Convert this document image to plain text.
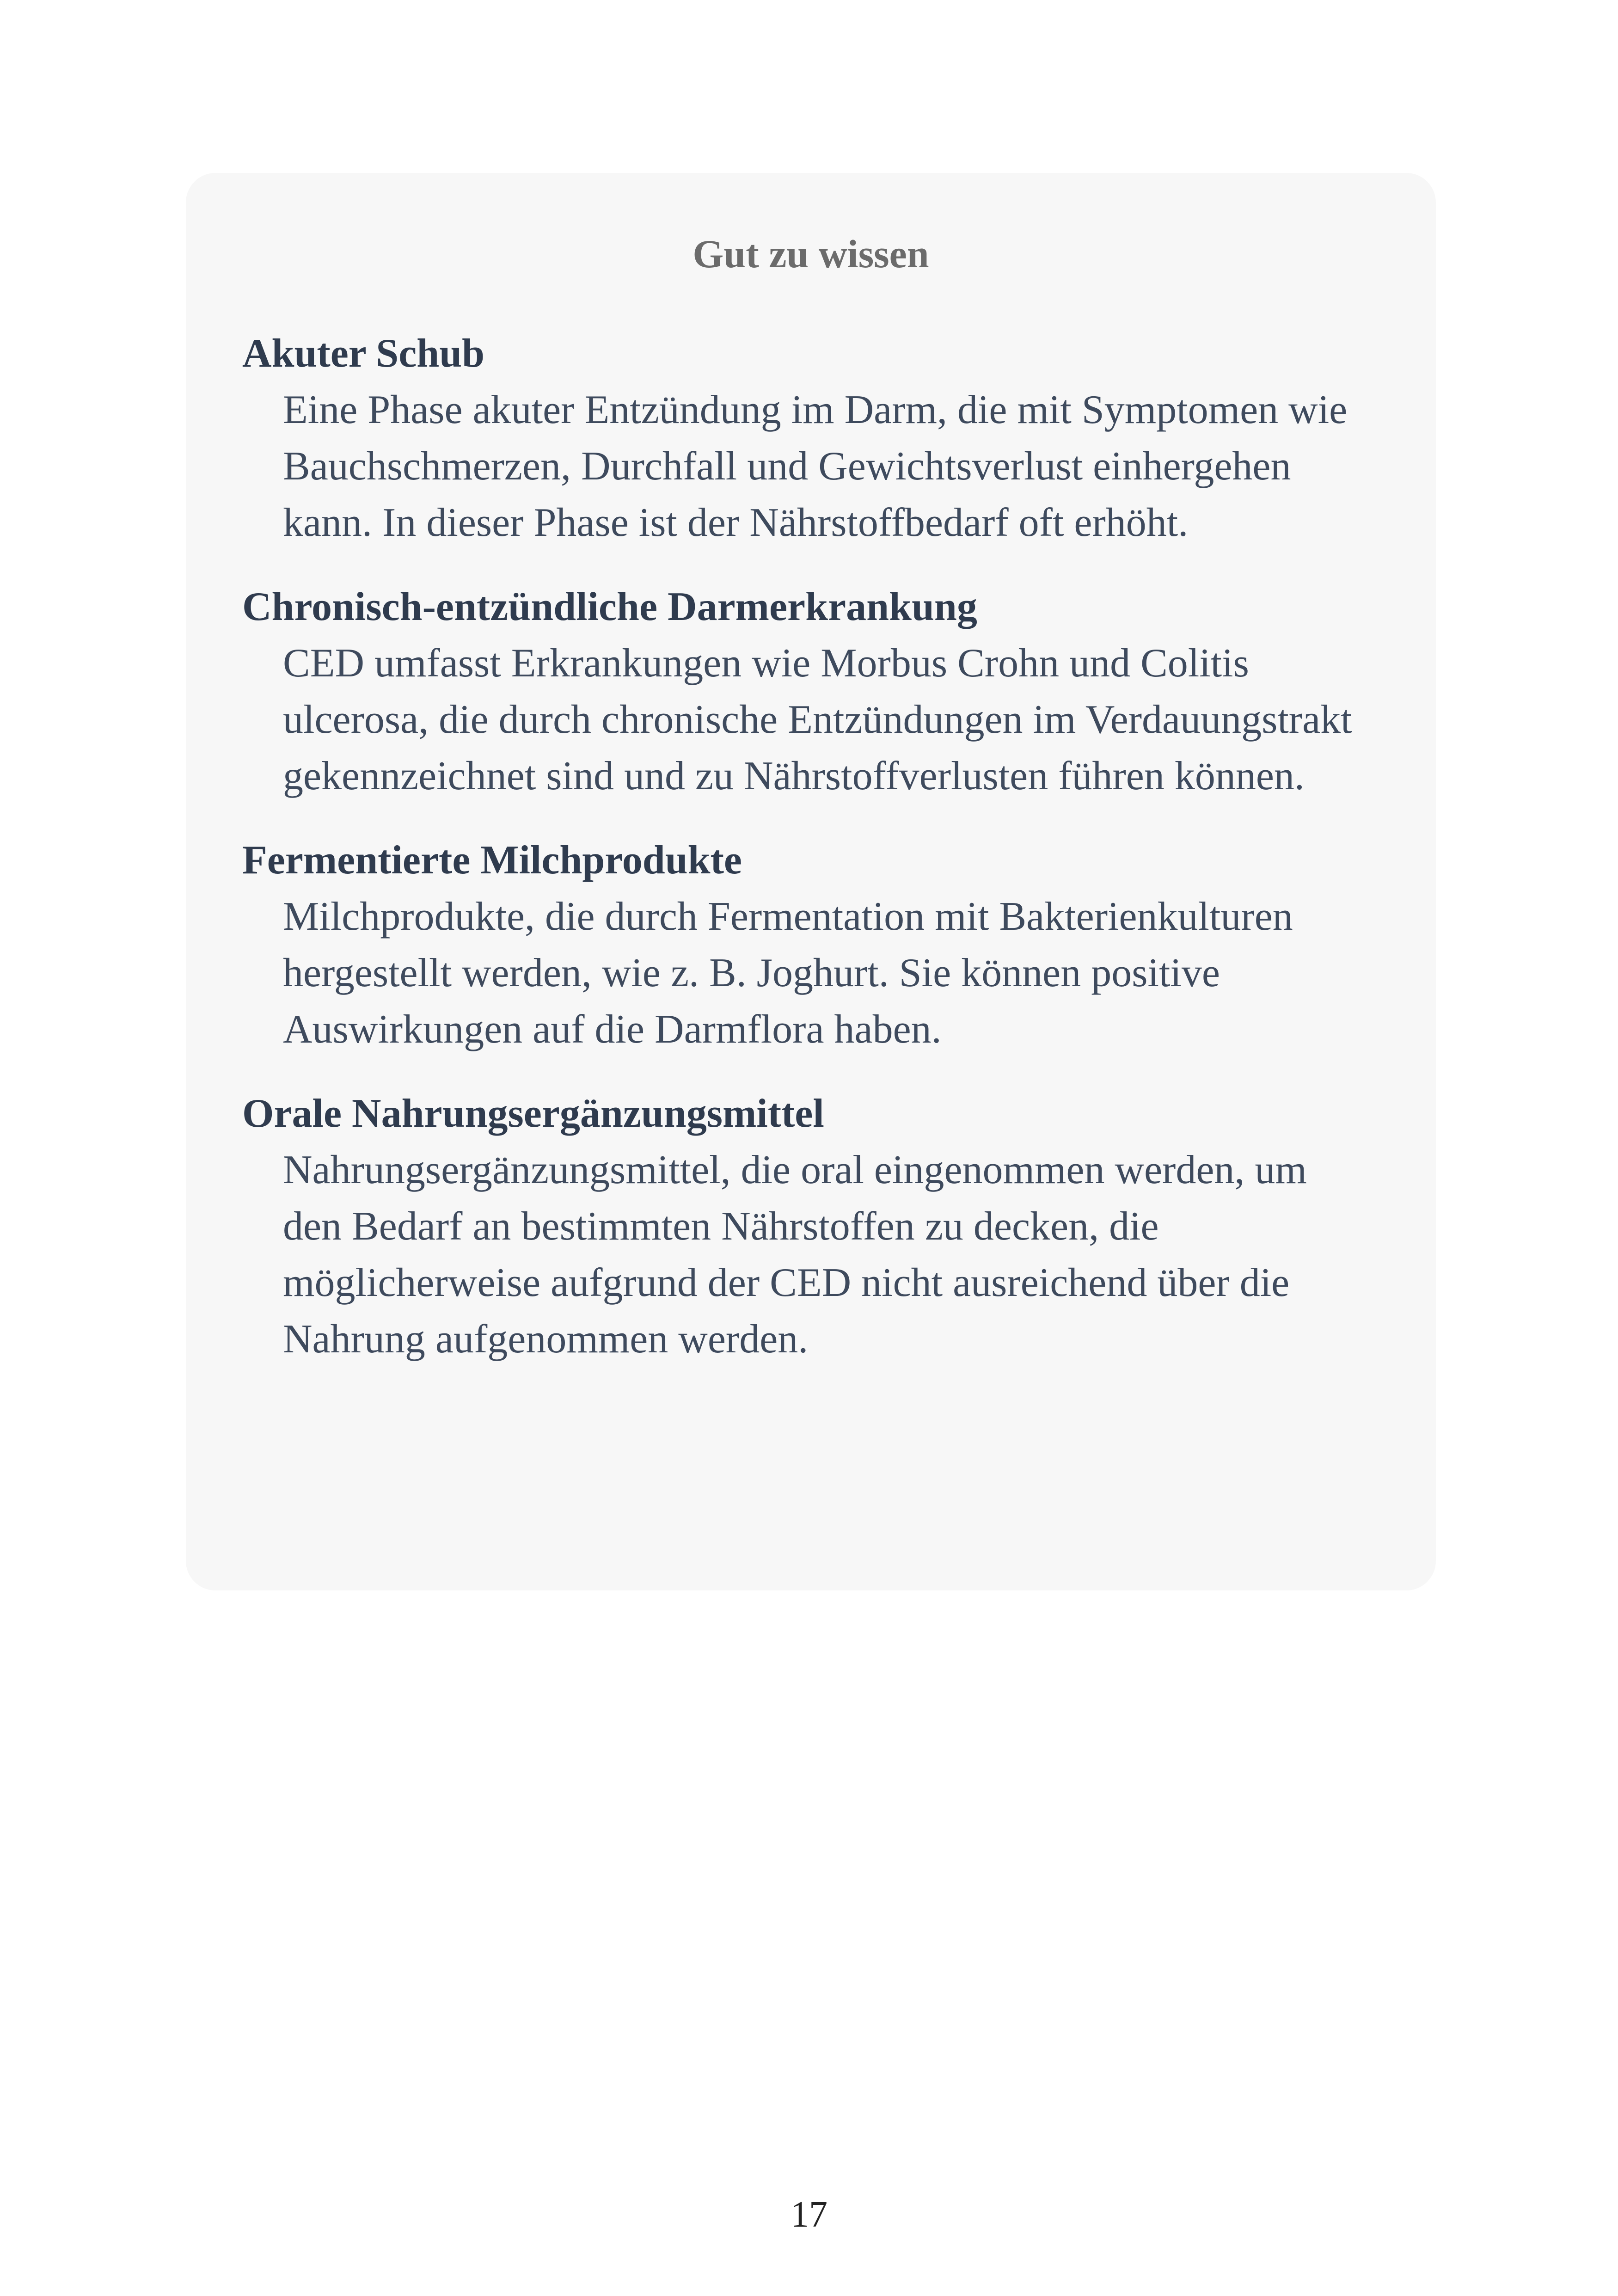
Gut zu wissen

Akuter Schub

Eine Phase akuter Entzündung im Darm, die mit Symptomen wie Bauchschmerzen, Durchfall und Gewichtsverlust einhergehen kann. In dieser Phase ist der Nährstoffbedarf oft erhöht.

Chronisch-entzündliche Darmerkrankung

CED umfasst Erkrankungen wie Morbus Crohn und Colitis ulcerosa, die durch chronische Entzündungen im Verdauungstrakt gekennzeichnet sind und zu Nährstoffverlusten führen können.

Fermentierte Milchprodukte

Milchprodukte, die durch Fermentation mit Bakterienkulturen hergestellt werden, wie z. B. Joghurt. Sie können positive Auswirkungen auf die Darmflora haben.

Orale Nahrungsergänzungsmittel

Nahrungsergänzungsmittel, die oral eingenommen werden, um den Bedarf an bestimmten Nährstoffen zu decken, die möglicherweise aufgrund der CED nicht ausreichend über die Nahrung aufgenommen werden.

17
